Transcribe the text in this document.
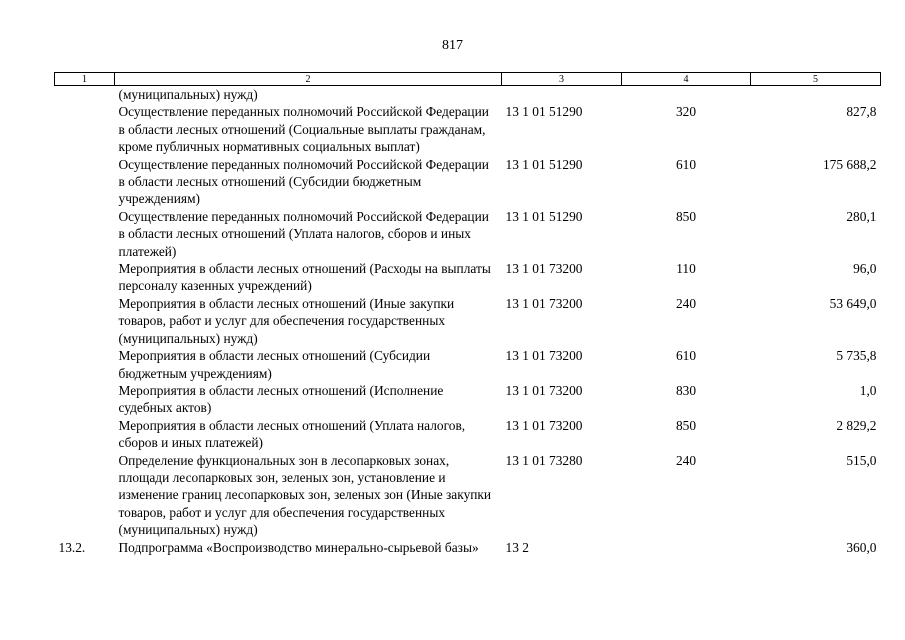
817
1	2	3	4	5
	(муниципальных) нужд)			
	Осуществление переданных полномочий Российской Федерации в области лесных отношений (Социальные выплаты гражданам, кроме публичных нормативных социальных выплат)	13 1 01 51290	320	827,8
	Осуществление переданных полномочий Российской Федерации в области лесных отношений (Субсидии бюджетным учреждениям)	13 1 01 51290	610	175 688,2
	Осуществление переданных полномочий Российской Федерации в области лесных отношений (Уплата налогов, сборов и иных платежей)	13 1 01 51290	850	280,1
	Мероприятия в области лесных отношений (Расходы на выплаты персоналу казенных учреждений)	13 1 01 73200	110	96,0
	Мероприятия в области лесных отношений (Иные закупки товаров, работ и услуг для обеспечения государственных (муниципальных) нужд)	13 1 01 73200	240	53 649,0
	Мероприятия в области лесных отношений (Субсидии бюджетным учреждениям)	13 1 01 73200	610	5 735,8
	Мероприятия в области лесных отношений (Исполнение судебных актов)	13 1 01 73200	830	1,0
	Мероприятия в области лесных отношений (Уплата налогов, сборов и иных платежей)	13 1 01 73200	850	2 829,2
	Определение функциональных зон в лесопарковых зонах, площади лесопарковых зон, зеленых зон, установление и изменение границ лесопарковых зон, зеленых зон (Иные закупки товаров, работ и услуг для обеспечения государственных (муниципальных) нужд)	13 1 01 73280	240	515,0
13.2.	Подпрограмма «Воспроизводство минерально-сырьевой базы»	13 2		360,0
